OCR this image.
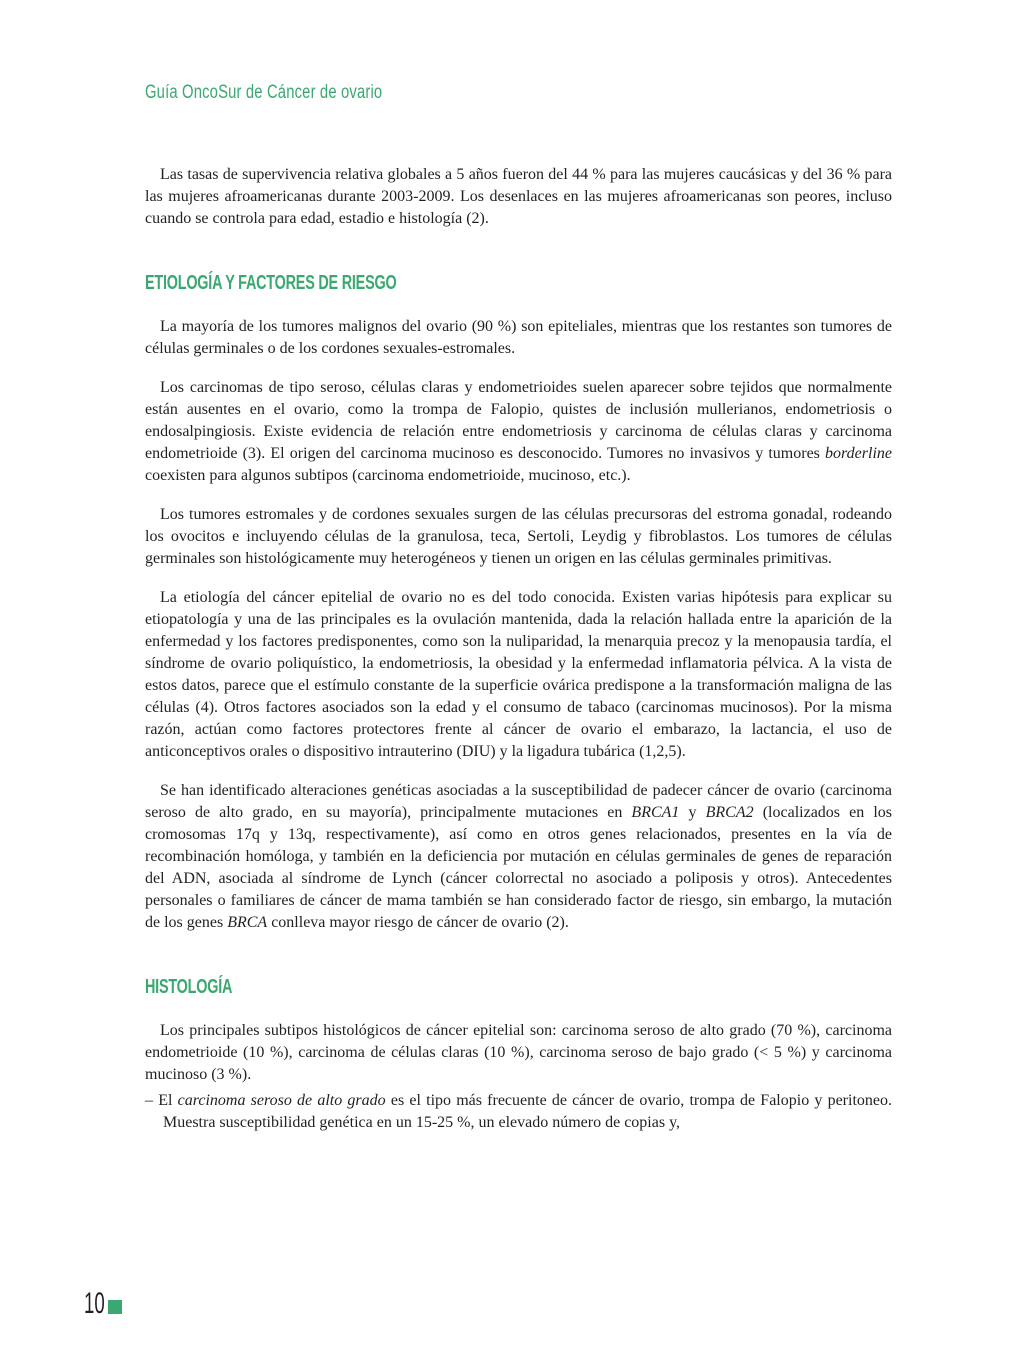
Guía OncoSur de Cáncer de ovario

Las tasas de supervivencia relativa globales a 5 años fueron del 44 % para las mujeres caucásicas y del 36 % para las mujeres afroamericanas durante 2003-2009. Los desenlaces en las mujeres afroamericanas son peores, incluso cuando se controla para edad, estadio e histología (2).

ETIOLOGÍA Y FACTORES DE RIESGO

La mayoría de los tumores malignos del ovario (90 %) son epiteliales, mientras que los restantes son tumores de células germinales o de los cordones sexuales-estromales.

Los carcinomas de tipo seroso, células claras y endometrioides suelen aparecer sobre tejidos que normalmente están ausentes en el ovario, como la trompa de Falopio, quistes de inclusión mullerianos, endometriosis o endosalpingiosis. Existe evidencia de relación entre endometriosis y carcinoma de células claras y carcinoma endometrioide (3). El origen del carcinoma mucinoso es desconocido. Tumores no invasivos y tumores borderline coexisten para algunos subtipos (carcinoma endometrioide, mucinoso, etc.).

Los tumores estromales y de cordones sexuales surgen de las células precursoras del estroma gonadal, rodeando los ovocitos e incluyendo células de la granulosa, teca, Sertoli, Leydig y fibroblastos. Los tumores de células germinales son histológicamente muy heterogéneos y tienen un origen en las células germinales primitivas.

La etiología del cáncer epitelial de ovario no es del todo conocida. Existen varias hipótesis para explicar su etiopatología y una de las principales es la ovulación mantenida, dada la relación hallada entre la aparición de la enfermedad y los factores predisponentes, como son la nuliparidad, la menarquia precoz y la menopausia tardía, el síndrome de ovario poliquístico, la endometriosis, la obesidad y la enfermedad inflamatoria pélvica. A la vista de estos datos, parece que el estímulo constante de la superficie ovárica predispone a la transformación maligna de las células (4). Otros factores asociados son la edad y el consumo de tabaco (carcinomas mucinosos). Por la misma razón, actúan como factores protectores frente al cáncer de ovario el embarazo, la lactancia, el uso de anticonceptivos orales o dispositivo intrauterino (DIU) y la ligadura tubárica (1,2,5).

Se han identificado alteraciones genéticas asociadas a la susceptibilidad de padecer cáncer de ovario (carcinoma seroso de alto grado, en su mayoría), principalmente mutaciones en BRCA1 y BRCA2 (localizados en los cromosomas 17q y 13q, respectivamente), así como en otros genes relacionados, presentes en la vía de recombinación homóloga, y también en la deficiencia por mutación en células germinales de genes de reparación del ADN, asociada al síndrome de Lynch (cáncer colorrectal no asociado a poliposis y otros). Antecedentes personales o familiares de cáncer de mama también se han considerado factor de riesgo, sin embargo, la mutación de los genes BRCA conlleva mayor riesgo de cáncer de ovario (2).

HISTOLOGÍA

Los principales subtipos histológicos de cáncer epitelial son: carcinoma seroso de alto grado (70 %), carcinoma endometrioide (10 %), carcinoma de células claras (10 %), carcinoma seroso de bajo grado (< 5 %) y carcinoma mucinoso (3 %).

– El carcinoma seroso de alto grado es el tipo más frecuente de cáncer de ovario, trompa de Falopio y peritoneo. Muestra susceptibilidad genética en un 15-25 %, un elevado número de copias y,
10
